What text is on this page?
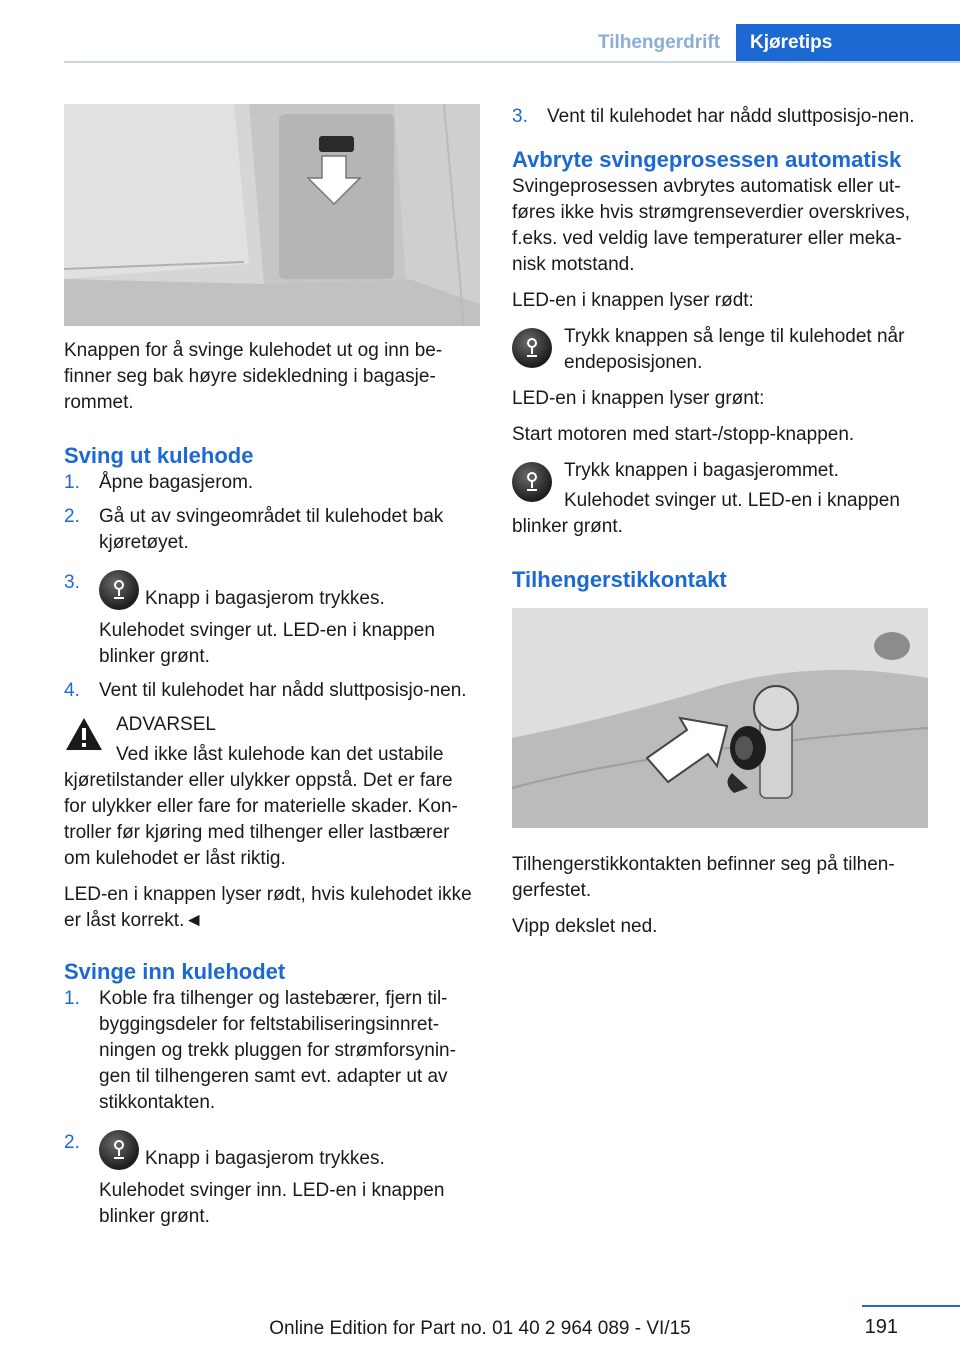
Tilhengerdrift	Kjøretips

Knappen for å svinge kulehodet ut og inn be‐finner seg bak høyre sidekledning i bagasje‐rommet.

Sving ut kulehode
1. Åpne bagasjerom.
2. Gå ut av svingeområdet til kulehodet bak kjøretøyet.
3.
Knapp i bagasjerom trykkes.
Kulehodet svinger ut. LED-en i knappen blinker grønt.
4. Vent til kulehodet har nådd sluttposisjo‐nen.

ADVARSEL

Ved ikke låst kulehode kan det ustabile

kjøretilstander eller ulykker oppstå. Det er fare for ulykker eller fare for materielle skader. Kon‐troller før kjøring med tilhenger eller lastbærer om kulehodet er låst riktig.

LED-en i knappen lyser rødt, hvis kulehodet ikke er låst korrekt.◄

Svinge inn kulehodet
1. Koble fra tilhenger og lastebærer, fjern til‐byggingsdeler for feltstabiliseringsinnret‐ningen og trekk pluggen for strømforsynin‐gen til tilhengeren samt evt. adapter ut av stikkontakten.
2.
Knapp i bagasjerom trykkes.
Kulehodet svinger inn. LED-en i knappen blinker grønt.
3. Vent til kulehodet har nådd sluttposisjo‐nen.
Avbryte svingeprosessen automatisk

Svingeprosessen avbrytes automatisk eller ut‐føres ikke hvis strømgrenseverdier overskrives, f.eks. ved veldig lave temperaturer eller meka‐nisk motstand.

LED-en i knappen lyser rødt:

Trykk knappen så lenge til kulehodet når endeposisjonen.

LED-en i knappen lyser grønt:

Start motoren med start-/stopp-knappen.

Trykk knappen i bagasjerommet.

Kulehodet svinger ut. LED-en i knappen blinker grønt.

Tilhengerstikkontakt

Tilhengerstikkontakten befinner seg på tilhen‐gerfestet.

Vipp dekslet ned.

191
Online Edition for Part no. 01 40 2 964 089 - VI/15
